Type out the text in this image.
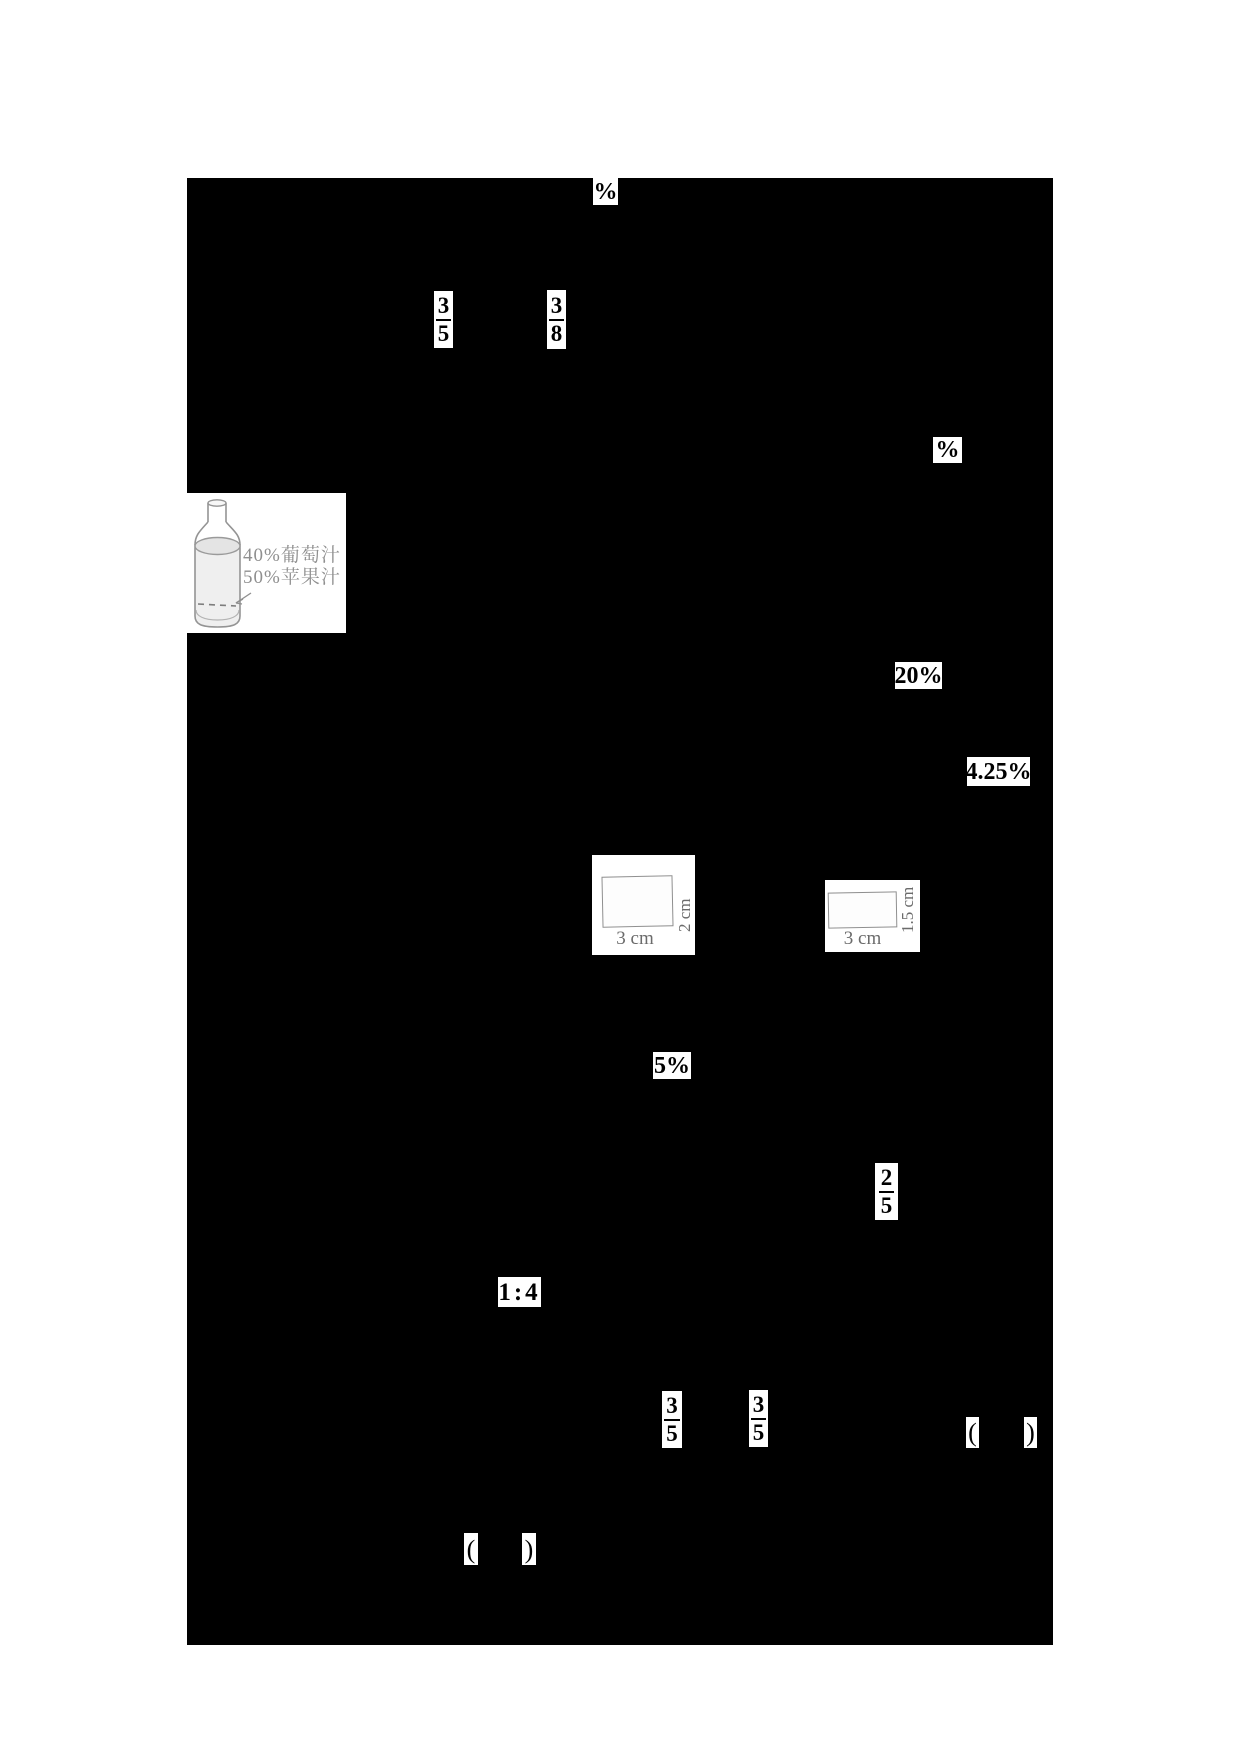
%
$\frac{3}{5}$	$\frac{3}{8}$
%
40%葡萄汁
50%苹果汁
20%
4.25%
3 cm
2 cm
3 cm
1.5 cm
5%
$\frac{2}{5}$
1:4
$\frac{3}{5}$	$\frac{3}{5}$	( )
( )
